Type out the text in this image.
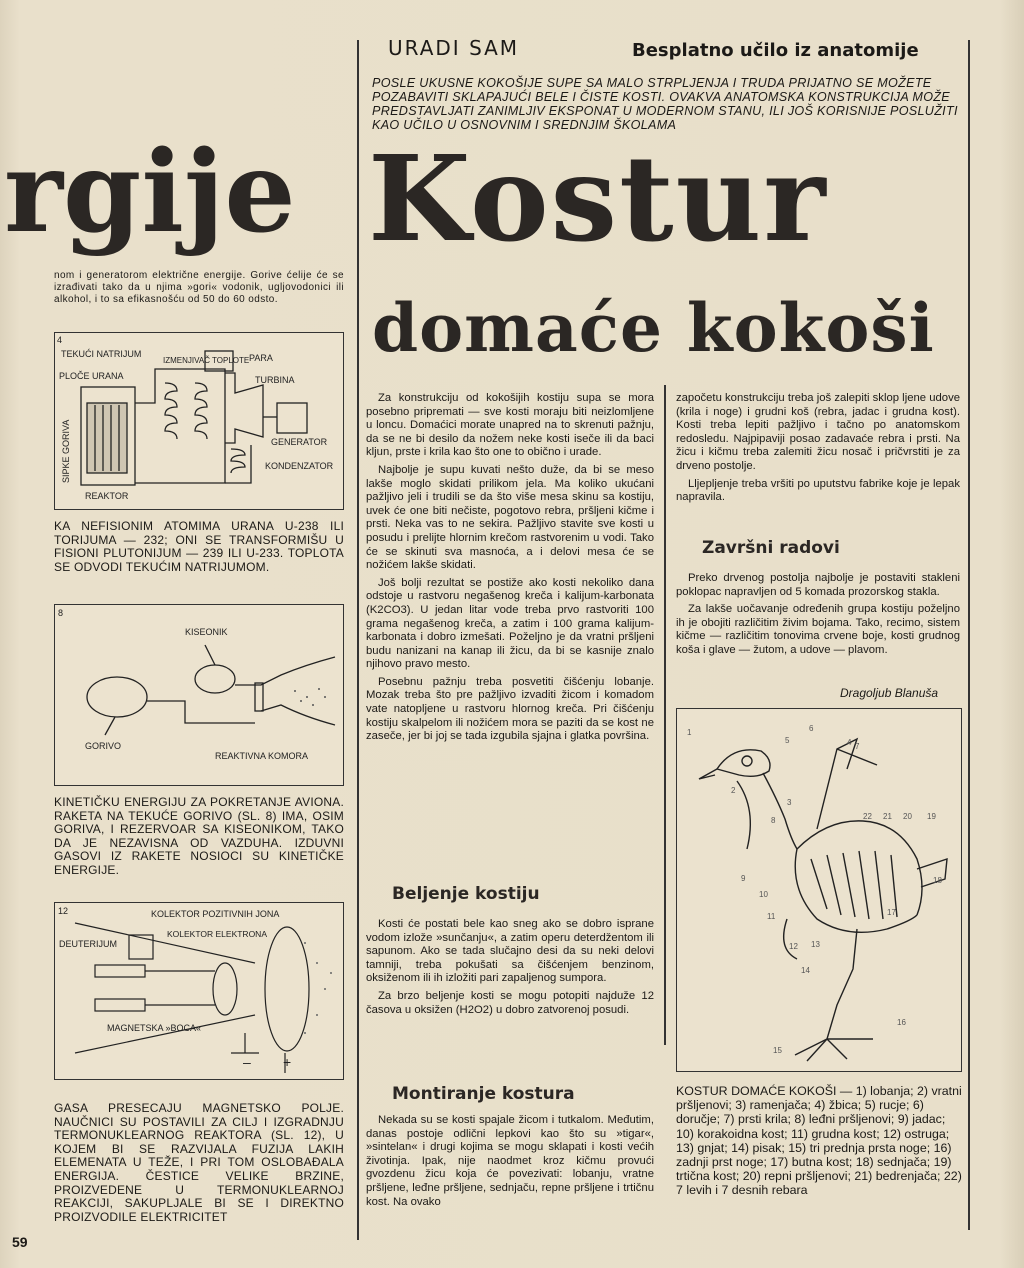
URADI SAM	Besplatno učilo iz anatomije
POSLE UKUSNE KOKOŠIJE SUPE SA MALO STRPLJENJA I TRUDA PRIJATNO SE MOŽETE POZABAVITI SKLAPAJUĆI BELE I ČISTE KOSTI. OVAKVA ANATOMSKA KONSTRUKCIJA MOŽE PREDSTAVLJATI ZANIMLJIV EKSPONAT U MODERNOM STANU, ILI JOŠ KORISNIJE POSLUŽITI KAO UČILO U OSNOVNIM I SREDNJIM ŠKOLAMA
Kostur
domaće kokoši
rgije
nom i generatorom električne energije. Gorive ćelije će se izrađivati tako da u njima »gori« vodonik, ugljovodonici ili alkohol, i to sa efikasnošću od 50 do 60 odsto.
4
TEKUĆI NATRIJUM
IZMENJIVAČ TOPLOTE PARA
PLOČE URANA	TURBINA
GENERATOR
KONDENZATOR
SIPKE GORIVA
REAKTOR
KA NEFISIONIM ATOMIMA URANA U-238 ILI TORIJUMA — 232; ONI SE TRANSFORMIŠU U FISIONI PLUTONIJUM — 239 ILI U-233. TOPLOTA SE ODVODI TEKUĆIM NATRIJUMOM.
8
KISEONIK
GORIVO
REAKTIVNA KOMORA
KINETIČKU ENERGIJU ZA POKRETANJE AVIONA. RAKETA NA TEKUĆE GORIVO (SL. 8) IMA, OSIM GORIVA, I REZERVOAR SA KISEONIKOM, TAKO DA JE NEZAVISNA OD VAZDUHA. IZDUVNI GASOVI IZ RAKETE NOSIOCI SU KINETIČKE ENERGIJE.
12	KOLEKTOR POZITIVNIH JONA
KOLEKTOR ELEKTRONA
DEUTERIJUM
MAGNETSKA »BOCA«
– +
GASA PRESECAJU MAGNETSKO POLJE. NAUČNICI SU POSTAVILI ZA CILJ I IZGRADNJU TERMONUKLEARNOG REAKTORA (SL. 12), U KOJEM BI SE RAZVIJALA FUZIJA LAKIH ELEMENATA U TEŽE, I PRI TOM OSLOBAĐALA ENERGIJA. ČESTICE VELIKE BRZINE, PROIZVEDENE U TERMONUKLEARNOJ REAKCIJI, SAKUPLJALE BI SE I DIREKTNO PROIZVODILE ELEKTRICITET
59

Za konstrukciju od kokošijih kostiju supa se mora posebno pripremati — sve kosti moraju biti neizlomljene u loncu. Domaćici morate unapred na to skrenuti pažnju, da se ne bi desilo da nožem neke kosti iseče ili da baci kljun, prste i krila kao što one to obično i urade.

Najbolje je supu kuvati nešto duže, da bi se meso lakše moglo skidati prilikom jela. Ma koliko ukućani pažljivo jeli i trudili se da što više mesa skinu sa kostiju, uvek će one biti nečiste, pogotovo rebra, pršljeni kičme i prsti. Neka vas to ne sekira. Pažljivo stavite sve kosti u posudu i prelijte hlornim krečom rastvorenim u vodi. Tako će se skinuti sva masnoća, a i delovi mesa će se nožićem lakše skidati.

Još bolji rezultat se postiže ako kosti nekoliko dana odstoje u rastvoru negašenog kreča i kalijum-karbonata (K2CO3). U jedan litar vode treba prvo rastvoriti 100 grama negašenog kreča, a zatim i 100 grama kalijum-karbonata i dobro izmešati. Poželjno je da vratni pršljeni budu nanizani na kanap ili žicu, da bi se kasnije znalo njihovo pravo mesto.

Posebnu pažnju treba posvetiti čišćenju lobanje. Mozak treba što pre pažljivo izvaditi žicom i komadom vate natopljene u rastvoru hlornog kreča. Pri čišćenju kostiju skalpelom ili nožićem mora se paziti da se kost ne zaseče, jer bi joj se tada izgubila sjajna i glatka površina.

Beljenje kostiju

Kosti će postati bele kao sneg ako se dobro isprane vodom izlože »sunčanju«, a zatim operu deterdžentom ili sapunom. Ako se tada slučajno desi da su neki delovi tamniji, treba pokušati sa čišćenjem benzinom, oksiženom ili ih izložiti pari zapaljenog sumpora.

Za brzo beljenje kosti se mogu potopiti najduže 12 časova u oksižen (H2O2) u dobro zatvorenoj posudi.

Montiranje kostura

Nekada su se kosti spajale žicom i tutkalom. Međutim, danas postoje odlični lepkovi kao što su »tigar«, »sintelan« i drugi kojima se mogu sklapati i kosti većih životinja. Ipak, nije naodmet kroz kičmu provući gvozdenu žicu koja će povezivati: lobanju, vratne pršljene, leđne pršljene, sednjaču, repne pršljene i trtičnu kost. Na ovako

započetu konstrukciju treba još zalepiti sklop ljene udove (krila i noge) i grudni koš (rebra, jadac i grudna kost). Kosti treba lepiti pažljivo i tačno po anatomskom redosledu. Najpipaviji posao zadavaće rebra i prsti. Na žicu i kičmu treba zalemiti žicu nosač i pričvrstiti je za drveno postolje.

Lljepljenje treba vršiti po uputstvu fabrike koje je lepak napravila.

Završni radovi

Preko drvenog postolja najbolje je postaviti stakleni poklopac napravljen od 5 komada prozorskog stakla.

Za lakše uočavanje određenih grupa kostiju poželjno ih je obojiti različitim živim bojama. Tako, recimo, sistem kičme — različitim tonovima crvene boje, kosti grudnog koša i glave — žutom, a udove — plavom.

Dragoljub Blanuša
1
2
3
4
5
6
7
8
9
10
11
12 13
14
15
16
17
18
19
20
21
22
KOSTUR DOMAĆE KOKOŠI — 1) lobanja; 2) vratni pršljenovi; 3) ramenjača; 4) žbica; 5) rucje; 6) doručje; 7) prsti krila; 8) leđni pršljenovi; 9) jadac; 10) korakoidna kost; 11) grudna kost; 12) ostruga; 13) gnjat; 14) pisak; 15) tri prednja prsta noge; 16) zadnji prst noge; 17) butna kost; 18) sednjača; 19) trtična kost; 20) repni pršljenovi; 21) bedrenjača; 22) 7 levih i 7 desnih rebara
